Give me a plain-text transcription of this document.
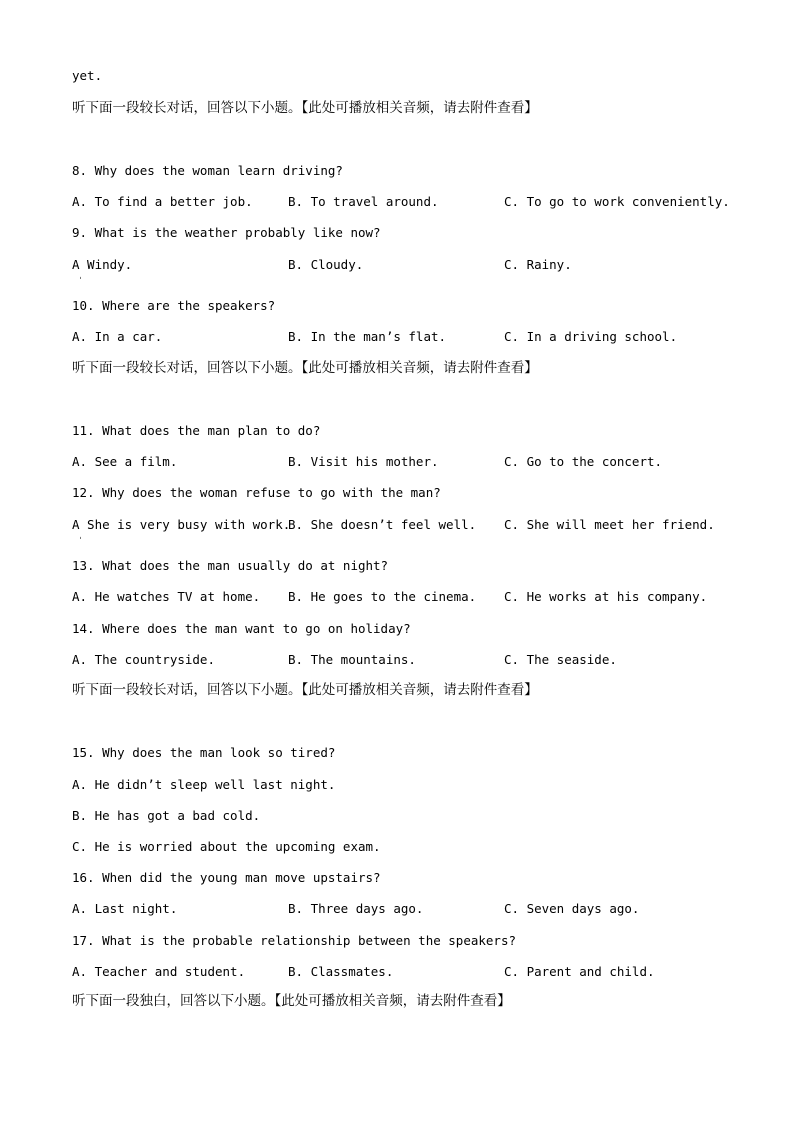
yet.
听下面一段较长对话，回答以下小题。【此处可播放相关音频，请去附件查看】
8. Why does the woman learn driving?
A. To find a better job.	B. To travel around.	C. To go to work conveniently.
9. What is the weather probably like now?
A Windy.	B. Cloudy.	C. Rainy.
ˈ
10. Where are the speakers?
A. In a car.	B. In the man’s flat.	C. In a driving school.
听下面一段较长对话，回答以下小题。【此处可播放相关音频，请去附件查看】
11. What does the man plan to do?
A. See a film.	B. Visit his mother.	C. Go to the concert.
12. Why does the woman refuse to go with the man?
A She is very busy with work.
B. She doesn’t feel well. C. She will meet her friend.
ˈ
13. What does the man usually do at night?
A. He watches TV at home. B. He goes to the cinema. C. He works at his company.
14. Where does the man want to go on holiday?
A. The countryside.	B. The mountains.	C. The seaside.
听下面一段较长对话，回答以下小题。【此处可播放相关音频，请去附件查看】
15. Why does the man look so tired?
A. He didn’t sleep well last night.
B. He has got a bad cold.
C. He is worried about the upcoming exam.
16. When did the young man move upstairs?
A. Last night.	B. Three days ago.	C. Seven days ago.
17. What is the probable relationship between the speakers?
A. Teacher and student.	B. Classmates.	C. Parent and child.
听下面一段独白，回答以下小题。【此处可播放相关音频，请去附件查看】
